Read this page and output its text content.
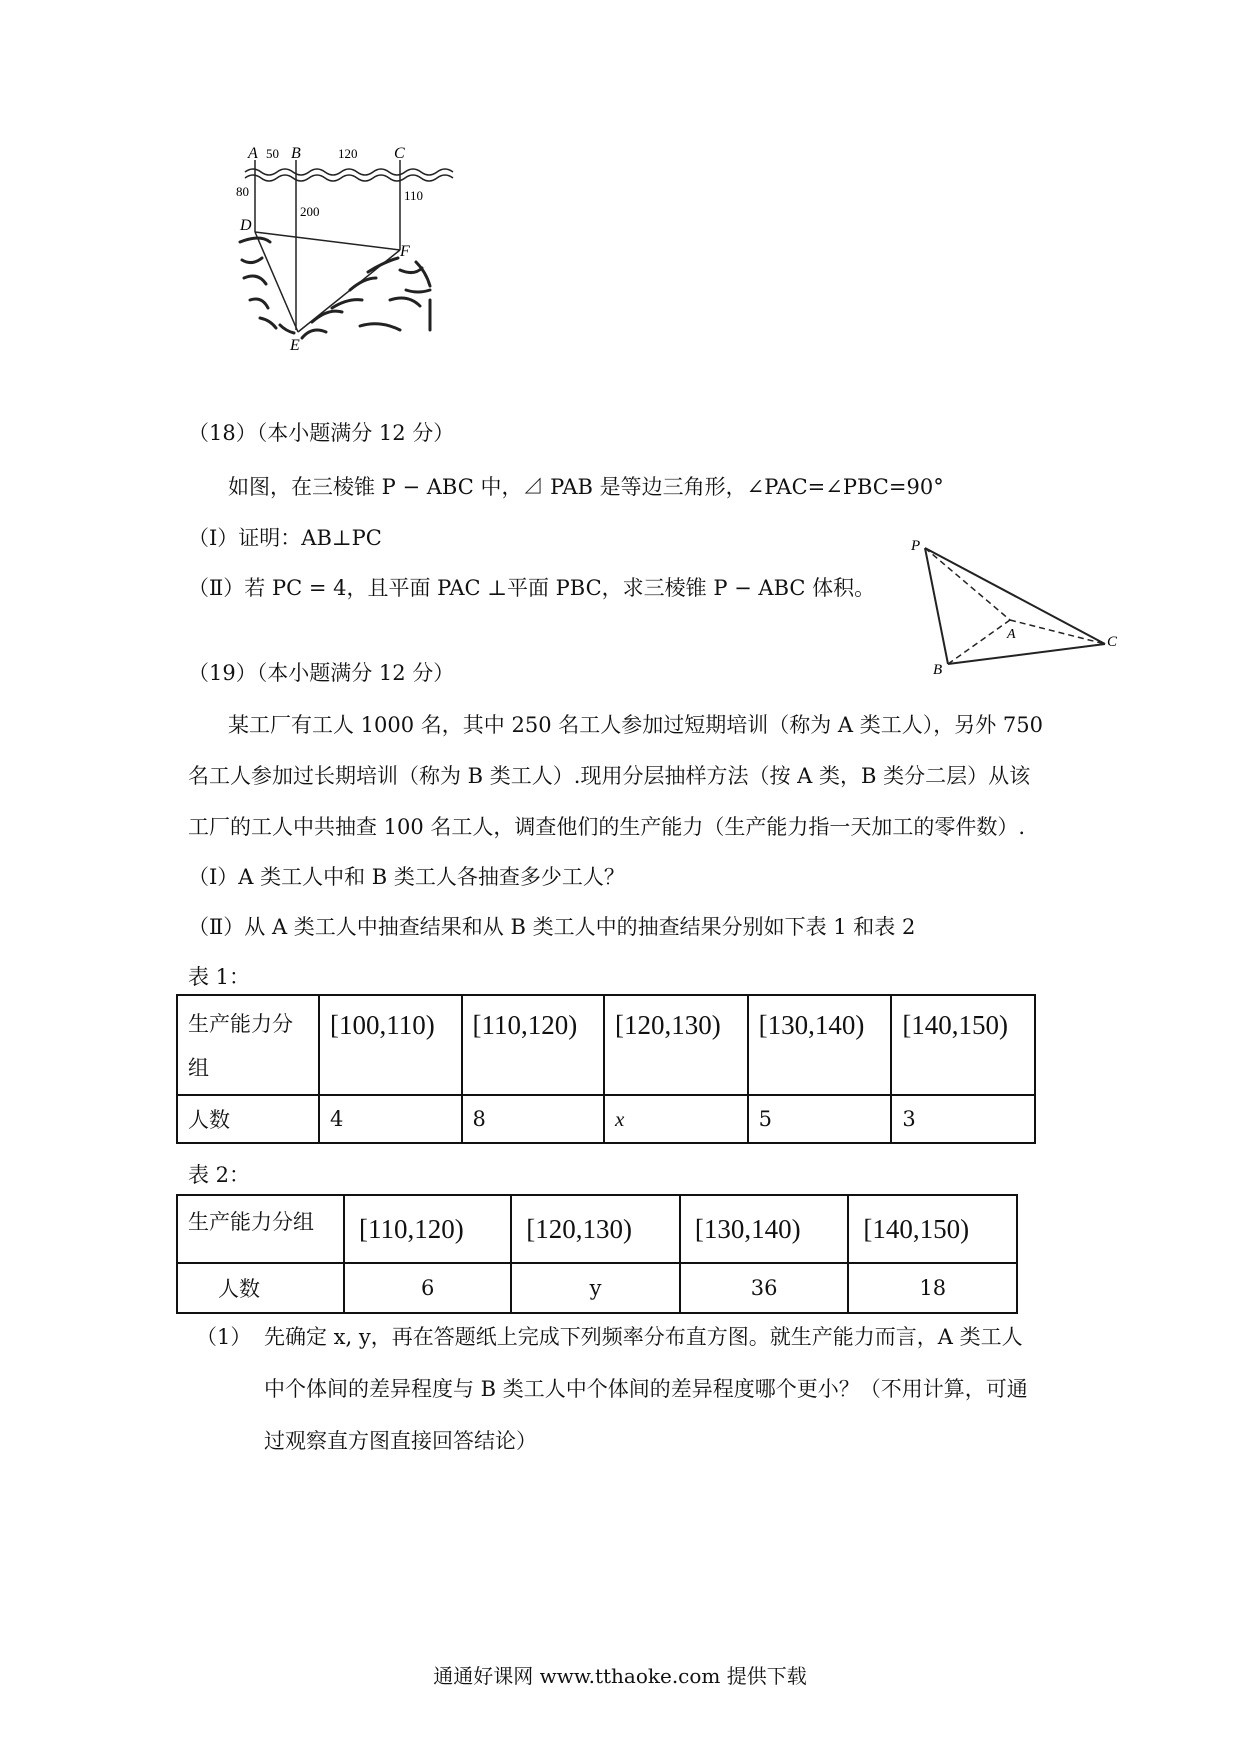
A 50 B	120 C
80
200
110
D
F
E
（18）（本小题满分 12 分）
如图，在三棱锥 P − ABC 中，⊿ PAB 是等边三角形，∠PAC=∠PBC=90°
（Ⅰ）证明：AB⊥PC
（Ⅱ）若 PC = 4，且平面 PAC ⊥平面 PBC，求三棱锥 P − ABC 体积。
P
A
B
C
（19）（本小题满分 12 分）
某工厂有工人 1000 名，其中 250 名工人参加过短期培训（称为 A 类工人），另外 750
名工人参加过长期培训（称为 B 类工人）.现用分层抽样方法（按 A 类，B 类分二层）从该
工厂的工人中共抽查 100 名工人，调查他们的生产能力（生产能力指一天加工的零件数）.
（Ⅰ）A 类工人中和 B 类工人各抽查多少工人？
（Ⅱ）从 A 类工人中抽查结果和从 B 类工人中的抽查结果分别如下表 1 和表 2
表 1：
生产能力分
组	[100,110)	[110,120)	[120,130)	[130,140)	[140,150)
人数	4	8	x	5	3
表 2：
生产能力分组	[110,120)	[120,130)	[130,140)	[140,150)
人数	6	y	36	18
（1） 先确定 x, y，再在答题纸上完成下列频率分布直方图。就生产能力而言，A 类工人
中个体间的差异程度与 B 类工人中个体间的差异程度哪个更小？（不用计算，可通
过观察直方图直接回答结论）
通通好课网 www.tthaoke.com 提供下载
